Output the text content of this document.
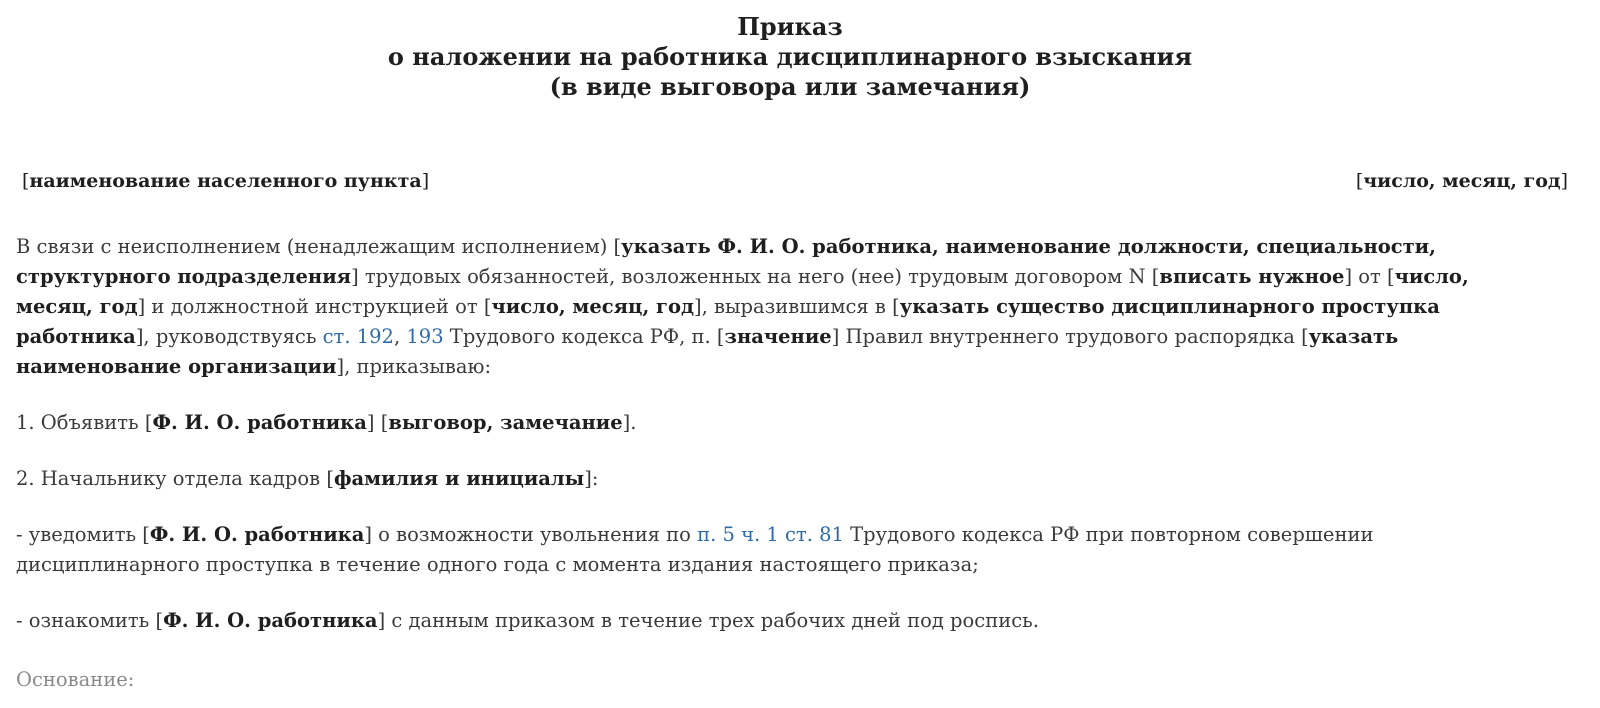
Приказ
о наложении на работника дисциплинарного взыскания
(в виде выговора или замечания)
[наименование населенного пункта]	[число, месяц, год]

В связи с неисполнением (ненадлежащим исполнением) [указать Ф. И. О. работника, наименование должности, специальности, структурного подразделения] трудовых обязанностей, возложенных на него (нее) трудовым договором N [вписать нужное] от [число, месяц, год] и должностной инструкцией от [число, месяц, год], выразившимся в [указать существо дисциплинарного проступка работника], руководствуясь ст. 192, 193 Трудового кодекса РФ, п. [значение] Правил внутреннего трудового распорядка [указать наименование организации], приказываю:

1. Объявить [Ф. И. О. работника] [выговор, замечание].

2. Начальнику отдела кадров [фамилия и инициалы]:

- уведомить [Ф. И. О. работника] о возможности увольнения по п. 5 ч. 1 ст. 81 Трудового кодекса РФ при повторном совершении дисциплинарного проступка в течение одного года с момента издания настоящего приказа;

- ознакомить [Ф. И. О. работника] с данным приказом в течение трех рабочих дней под роспись.

Основание:
